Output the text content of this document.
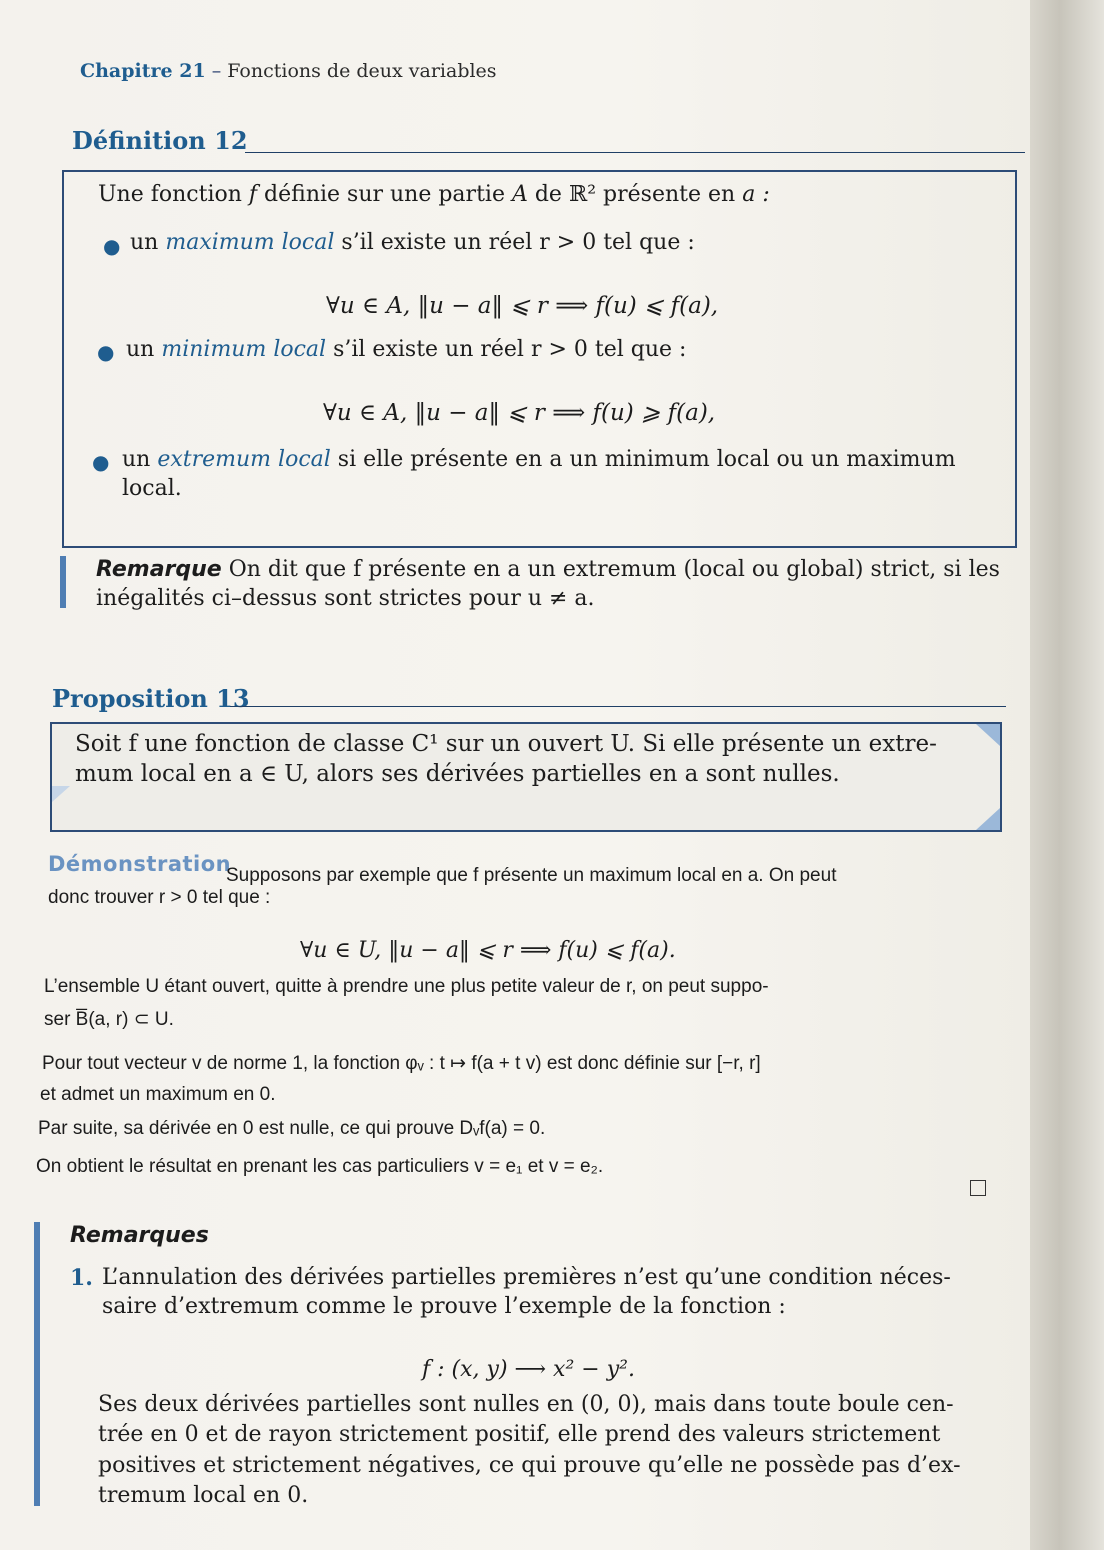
Chapitre 21 – Fonctions de deux variables
Définition 12
Une fonction f définie sur une partie A de ℝ² présente en a :
● un maximum local s’il existe un réel r > 0 tel que :
∀u ∈ A, ‖u − a‖ ⩽ r ⟹ f(u) ⩽ f(a),
● un minimum local s’il existe un réel r > 0 tel que :
∀u ∈ A, ‖u − a‖ ⩽ r ⟹ f(u) ⩾ f(a),
● un extremum local si elle présente en a un minimum local ou un maximum
local.
Remarque On dit que f présente en a un extremum (local ou global) strict, si les
inégalités ci–dessus sont strictes pour u ≠ a.
Proposition 13
Soit f une fonction de classe C¹ sur un ouvert U. Si elle présente un extre-
mum local en a ∈ U, alors ses dérivées partielles en a sont nulles.
Démonstration
Supposons par exemple que f présente un maximum local en a. On peut
donc trouver r > 0 tel que :
∀u ∈ U, ‖u − a‖ ⩽ r ⟹ f(u) ⩽ f(a).
L’ensemble U étant ouvert, quitte à prendre une plus petite valeur de r, on peut suppo-
ser B̅(a, r) ⊂ U.
Pour tout vecteur v de norme 1, la fonction φᵥ : t ↦ f(a + t v) est donc définie sur [−r, r]
et admet un maximum en 0.
Par suite, sa dérivée en 0 est nulle, ce qui prouve Dᵥf(a) = 0.
On obtient le résultat en prenant les cas particuliers v = e₁ et v = e₂.
Remarques
1. L’annulation des dérivées partielles premières n’est qu’une condition néces-
saire d’extremum comme le prouve l’exemple de la fonction :
f : (x, y) ⟶ x² − y².
Ses deux dérivées partielles sont nulles en (0, 0), mais dans toute boule cen-
trée en 0 et de rayon strictement positif, elle prend des valeurs strictement
positives et strictement négatives, ce qui prouve qu’elle ne possède pas d’ex-
tremum local en 0.
